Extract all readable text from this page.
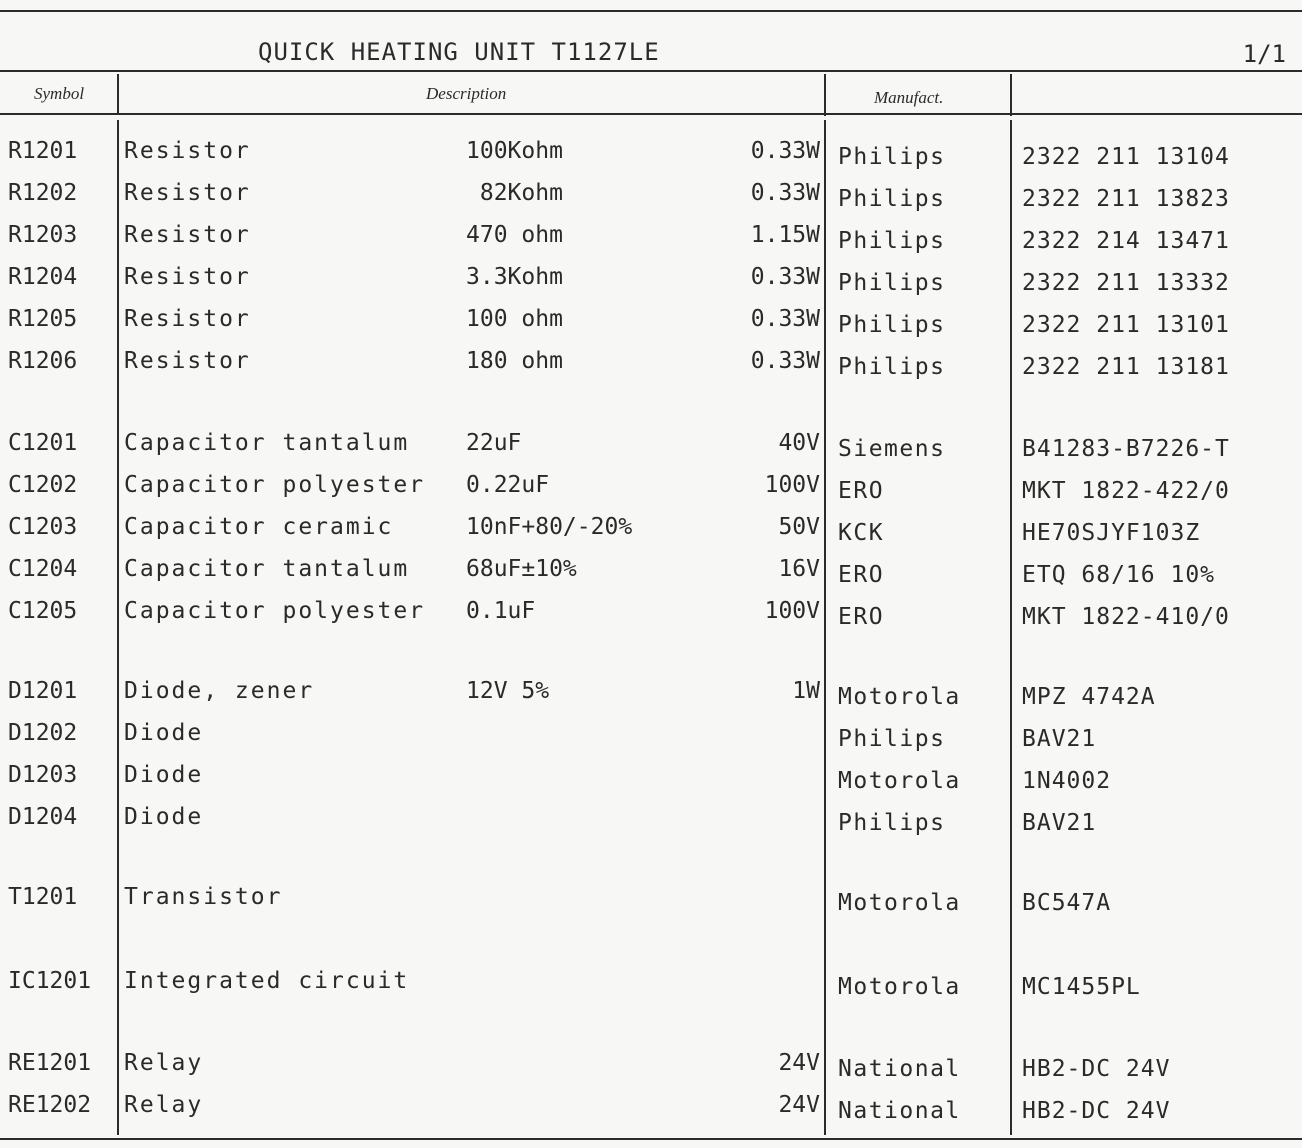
QUICK HEATING UNIT T1127LE	1/1
Symbol	Description	Manufact.
R1201 Resistor	100Kohm	0.33W Philips	2322 211 13104
R1202 Resistor	82Kohm	0.33W Philips	2322 211 13823
R1203 Resistor	470 ohm	1.15W Philips	2322 214 13471
R1204 Resistor	3.3Kohm	0.33W Philips	2322 211 13332
R1205 Resistor	100 ohm	0.33W Philips	2322 211 13101
R1206 Resistor	180 ohm	0.33W Philips	2322 211 13181
C1201 Capacitor tantalum 22uF	40V Siemens	B41283-B7226-T
C1202 Capacitor polyester 0.22uF	100V ERO	MKT 1822-422/0
C1203 Capacitor ceramic	10nF+80/-20%	50V KCK	HE70SJYF103Z
C1204 Capacitor tantalum 68uF±10%	16V ERO	ETQ 68/16 10%
C1205 Capacitor polyester 0.1uF	100V ERO	MKT 1822-410/0
D1201 Diode, zener	12V 5%	1W Motorola	MPZ 4742A
D1202 Diode	Philips	BAV21
D1203 Diode	Motorola	1N4002
D1204 Diode	Philips	BAV21
T1201 Transistor	Motorola	BC547A
IC1201 Integrated circuit	Motorola	MC1455PL
RE1201 Relay	24V National	HB2-DC 24V
RE1202 Relay	24V National	HB2-DC 24V
